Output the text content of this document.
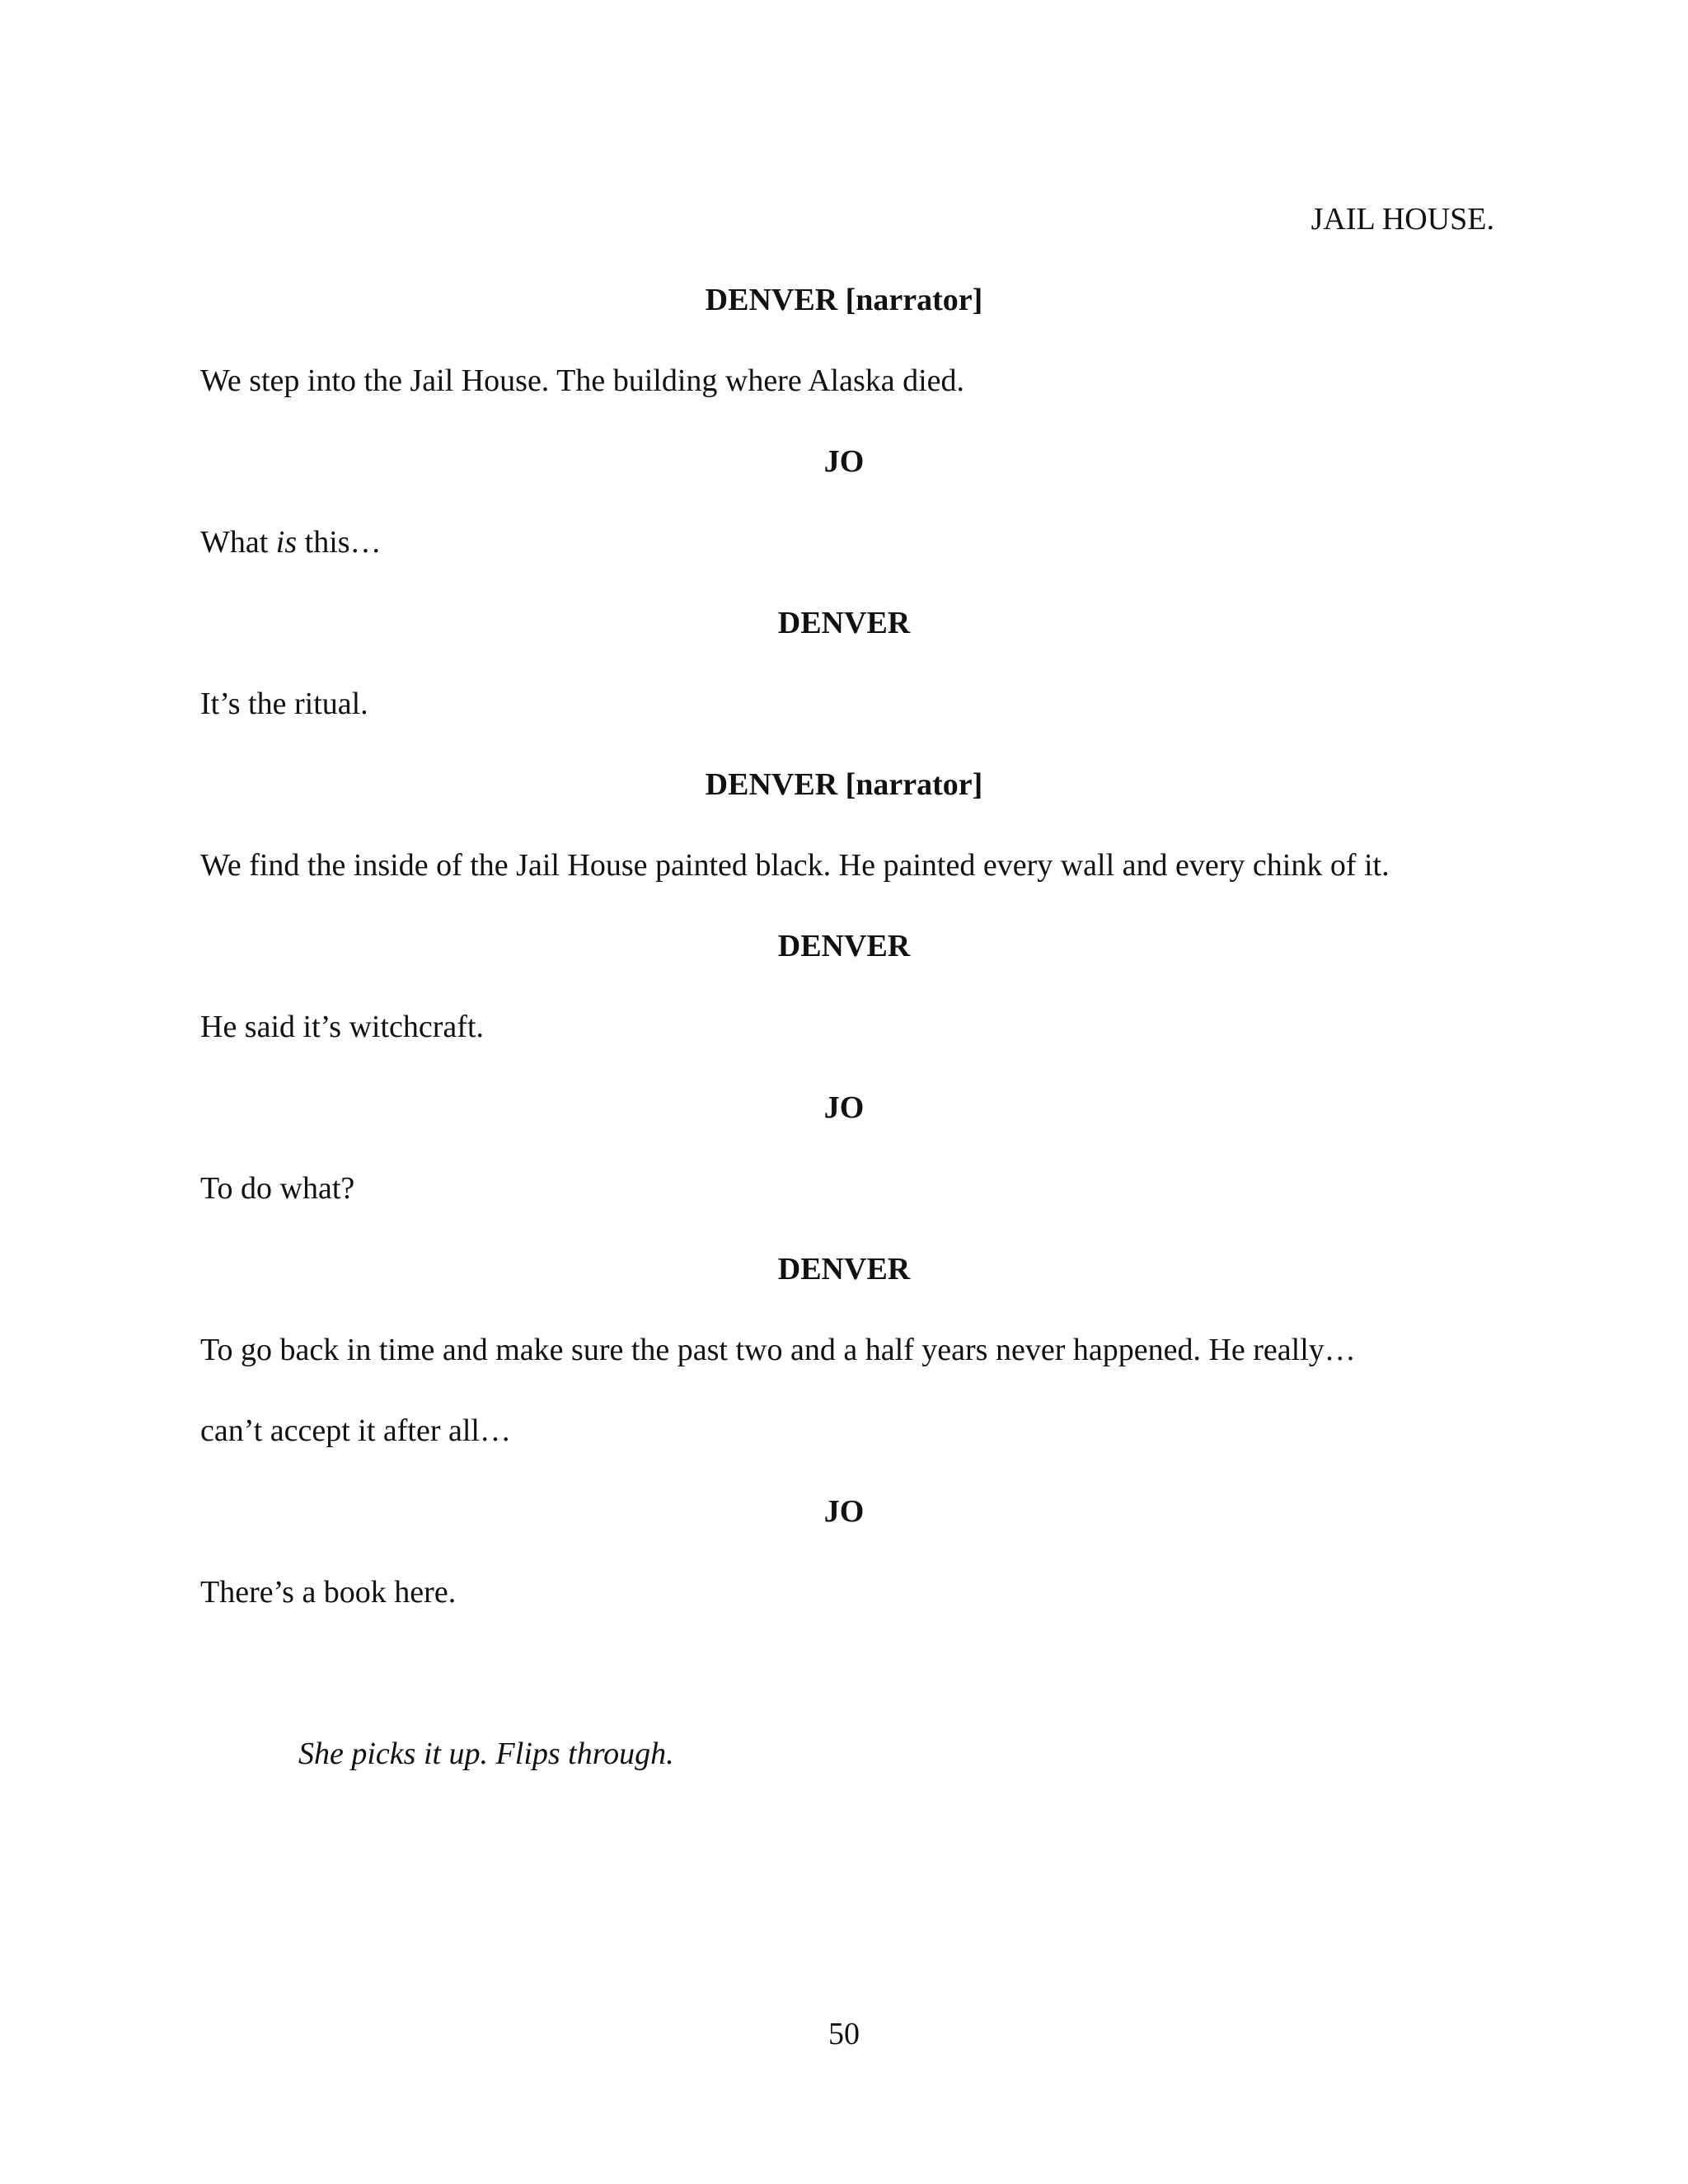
JAIL HOUSE.
DENVER [narrator]
We step into the Jail House. The building where Alaska died.
JO
What is this…
DENVER
It’s the ritual.
DENVER [narrator]
We find the inside of the Jail House painted black. He painted every wall and every chink of it.
DENVER
He said it’s witchcraft.
JO
To do what?
DENVER
To go back in time and make sure the past two and a half years never happened. He really…
can’t accept it after all…
JO
There’s a book here.
She picks it up. Flips through.
50
